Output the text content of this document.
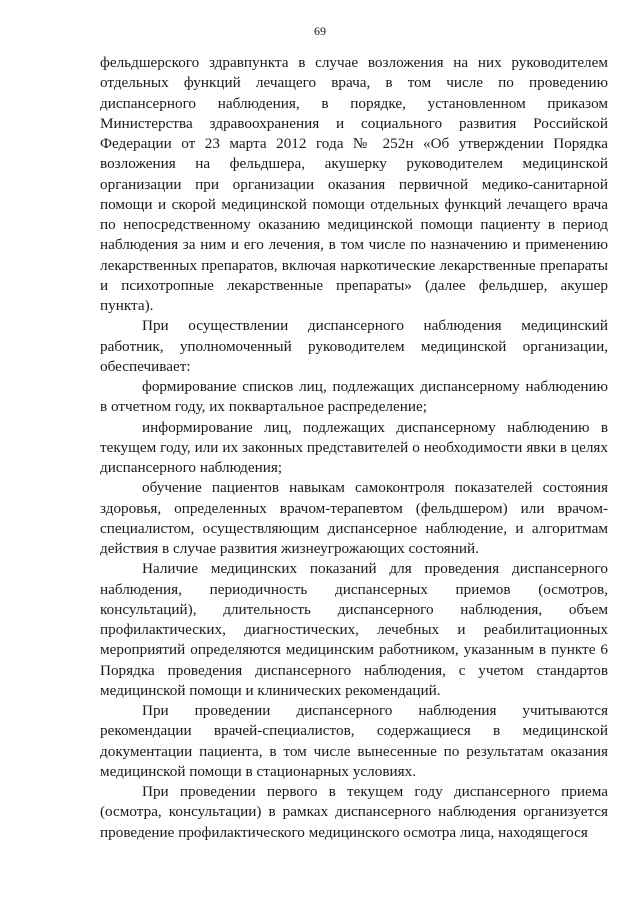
69

фельдшерского здравпункта в случае возложения на них руководителем отдельных функций лечащего врача, в том числе по проведению диспансерного наблюдения, в порядке, установленном приказом Министерства здравоохранения и социального развития Российской Федерации от 23 марта 2012 года № 252н «Об утверждении Порядка возложения на фельдшера, акушерку руководителем медицинской организации при организации оказания первичной медико-санитарной помощи и скорой медицинской помощи отдельных функций лечащего врача по непосредственному оказанию медицинской помощи пациенту в период наблюдения за ним и его лечения, в том числе по назначению и применению лекарственных препаратов, включая наркотические лекарственные препараты и психотропные лекарственные препараты» (далее фельдшер, акушер пункта).

При осуществлении диспансерного наблюдения медицинский работник, уполномоченный руководителем медицинской организации, обеспечивает:

формирование списков лиц, подлежащих диспансерному наблюдению в отчетном году, их поквартальное распределение;

информирование лиц, подлежащих диспансерному наблюдению в текущем году, или их законных представителей о необходимости явки в целях диспансерного наблюдения;

обучение пациентов навыкам самоконтроля показателей состояния здоровья, определенных врачом-терапевтом (фельдшером) или врачом-специалистом, осуществляющим диспансерное наблюдение, и алгоритмам действия в случае развития жизнеугрожающих состояний.

Наличие медицинских показаний для проведения диспансерного наблюдения, периодичность диспансерных приемов (осмотров, консультаций), длительность диспансерного наблюдения, объем профилактических, диагностических, лечебных и реабилитационных мероприятий определяются медицинским работником, указанным в пункте 6 Порядка проведения диспансерного наблюдения, с учетом стандартов медицинской помощи и клинических рекомендаций.

При проведении диспансерного наблюдения учитываются рекомендации врачей-специалистов, содержащиеся в медицинской документации пациента, в том числе вынесенные по результатам оказания медицинской помощи в стационарных условиях.

При проведении первого в текущем году диспансерного приема (осмотра, консультации) в рамках диспансерного наблюдения организуется проведение профилактического медицинского осмотра лица, находящегося
